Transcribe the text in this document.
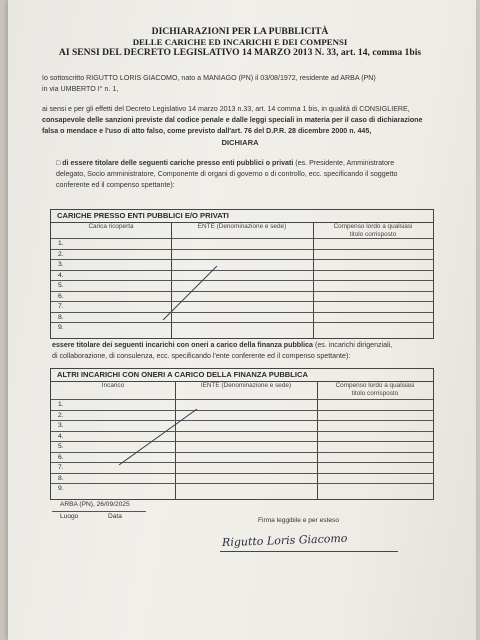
DICHIARAZIONI PER LA PUBBLICITÀ
DELLE CARICHE ED INCARICHI E DEI COMPENSI
AI SENSI DEL DECRETO LEGISLATIVO 14 MARZO 2013 N. 33, art. 14, comma 1bis
Io sottoscritto RIGUTTO LORIS GIACOMO, nato a MANIAGO (PN) il 03/08/1972, residente ad ARBA (PN)
in via UMBERTO I° n. 1,
ai sensi e per gli effetti del Decreto Legislativo 14 marzo 2013 n.33, art. 14 comma 1 bis, in qualità di CONSIGLIERE,
consapevole delle sanzioni previste dal codice penale e dalle leggi speciali in materia per il caso di dichiarazione
falsa o mendace e l'uso di atto falso, come previsto dall'art. 76 del D.P.R. 28 dicembre 2000 n. 445,
DICHIARA
□ di essere titolare delle seguenti cariche presso enti pubblici o privati (es. Presidente, Amministratore
delegato, Socio amministratore, Componente di organi di governo o di controllo, ecc. specificando il soggetto
conferente ed il compenso spettante):
CARICHE PRESSO ENTI PUBBLICI E/O PRIVATI
Carica ricoperta	ENTE (Denominazione e sede)	Compenso lordo a qualsiasi
titolo corrisposto
1.
2.
3.
4.
5.
6.
7.
8.
9.
essere titolare dei seguenti incarichi con oneri a carico della finanza pubblica (es. incarichi dirigenziali,
di collaborazione, di consulenza, ecc. specificando l'ente conferente ed il compenso spettante):
ALTRI INCARICHI CON ONERI A CARICO DELLA FINANZA PUBBLICA
Incarico	IENTE (Denominazione e sede)	Compenso lordo a qualsiasi
titolo corrisposto
1.
2.
3.
4.
5.
6.
7.
8.
9.
ARBA (PN), 26/09/2025
Luogo	Data
Firma leggibile e per esteso
Rigutto Loris Giacomo
